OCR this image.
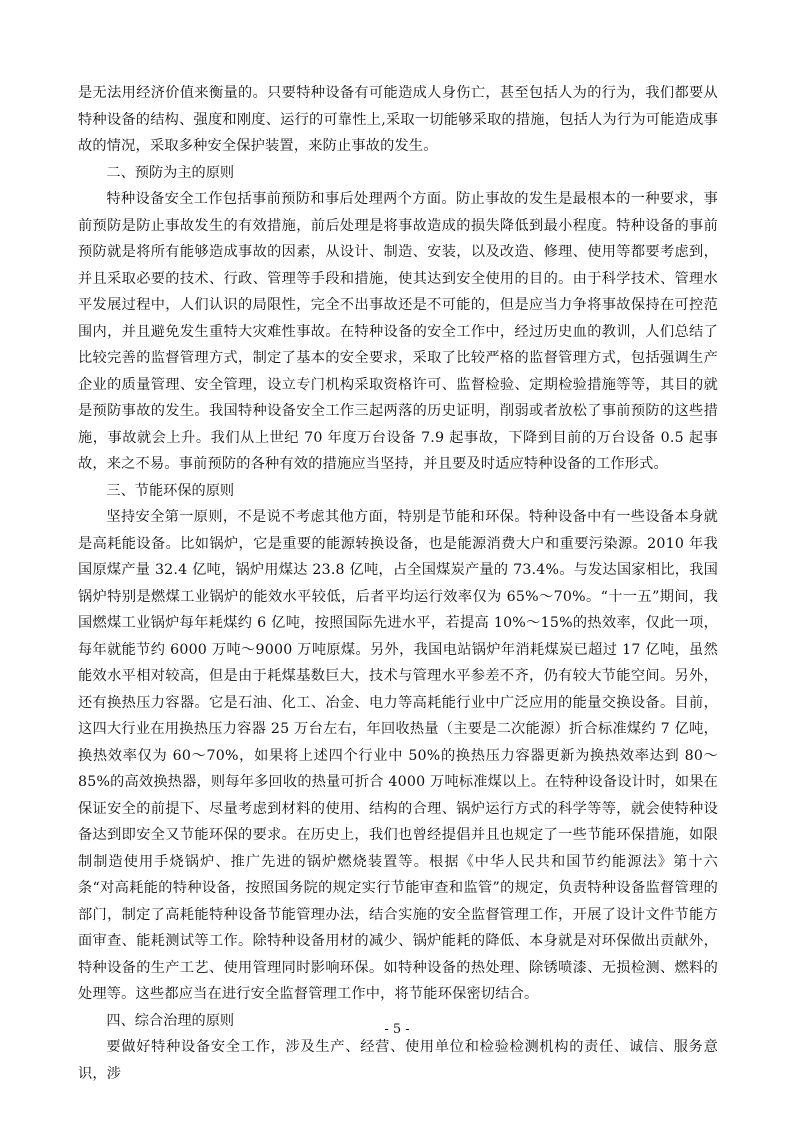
是无法用经济价值来衡量的。只要特种设备有可能造成人身伤亡，甚至包括人为的行为，我们都要从特种设备的结构、强度和刚度、运行的可靠性上,采取一切能够采取的措施，包括人为行为可能造成事故的情况，采取多种安全保护装置，来防止事故的发生。

二、预防为主的原则

特种设备安全工作包括事前预防和事后处理两个方面。防止事故的发生是最根本的一种要求，事前预防是防止事故发生的有效措施，前后处理是将事故造成的损失降低到最小程度。特种设备的事前预防就是将所有能够造成事故的因素，从设计、制造、安装，以及改造、修理、使用等都要考虑到，并且采取必要的技术、行政、管理等手段和措施，使其达到安全使用的目的。由于科学技术、管理水平发展过程中，人们认识的局限性，完全不出事故还是不可能的，但是应当力争将事故保持在可控范围内，并且避免发生重特大灾难性事故。在特种设备的安全工作中，经过历史血的教训，人们总结了比较完善的监督管理方式，制定了基本的安全要求，采取了比较严格的监督管理方式，包括强调生产企业的质量管理、安全管理，设立专门机构采取资格许可、监督检验、定期检验措施等等，其目的就是预防事故的发生。我国特种设备安全工作三起两落的历史证明，削弱或者放松了事前预防的这些措施，事故就会上升。我们从上世纪 70 年度万台设备 7.9 起事故，下降到目前的万台设备 0.5 起事故，来之不易。事前预防的各种有效的措施应当坚持，并且要及时适应特种设备的工作形式。

三、节能环保的原则

坚持安全第一原则，不是说不考虑其他方面，特别是节能和环保。特种设备中有一些设备本身就是高耗能设备。比如锅炉，它是重要的能源转换设备，也是能源消费大户和重要污染源。2010 年我国原煤产量 32.4 亿吨，锅炉用煤达 23.8 亿吨，占全国煤炭产量的 73.4%。与发达国家相比，我国锅炉特别是燃煤工业锅炉的能效水平较低，后者平均运行效率仅为 65%～70%。“十一五”期间，我国燃煤工业锅炉每年耗煤约 6 亿吨，按照国际先进水平，若提高 10%～15%的热效率，仅此一项，每年就能节约 6000 万吨～9000 万吨原煤。另外，我国电站锅炉年消耗煤炭已超过 17 亿吨，虽然能效水平相对较高，但是由于耗煤基数巨大，技术与管理水平参差不齐，仍有较大节能空间。另外，还有换热压力容器。它是石油、化工、冶金、电力等高耗能行业中广泛应用的能量交换设备。目前，这四大行业在用换热压力容器 25 万台左右，年回收热量（主要是二次能源）折合标准煤约 7 亿吨，换热效率仅为 60～70%，如果将上述四个行业中 50%的换热压力容器更新为换热效率达到 80～85%的高效换热器，则每年多回收的热量可折合 4000 万吨标准煤以上。在特种设备设计时，如果在保证安全的前提下、尽量考虑到材料的使用、结构的合理、锅炉运行方式的科学等等，就会使特种设备达到即安全又节能环保的要求。在历史上，我们也曾经提倡并且也规定了一些节能环保措施，如限制制造使用手烧锅炉、推广先进的锅炉燃烧装置等。根据《中华人民共和国节约能源法》第十六条“对高耗能的特种设备，按照国务院的规定实行节能审查和监管”的规定，负责特种设备监督管理的部门，制定了高耗能特种设备节能管理办法，结合实施的安全监督管理工作，开展了设计文件节能方面审查、能耗测试等工作。除特种设备用材的减少、锅炉能耗的降低、本身就是对环保做出贡献外，特种设备的生产工艺、使用管理同时影响环保。如特种设备的热处理、除锈喷漆、无损检测、燃料的处理等。这些都应当在进行安全监督管理工作中，将节能环保密切结合。

四、综合治理的原则

要做好特种设备安全工作，涉及生产、经营、使用单位和检验检测机构的责任、诚信、服务意识，涉

- 5 -
